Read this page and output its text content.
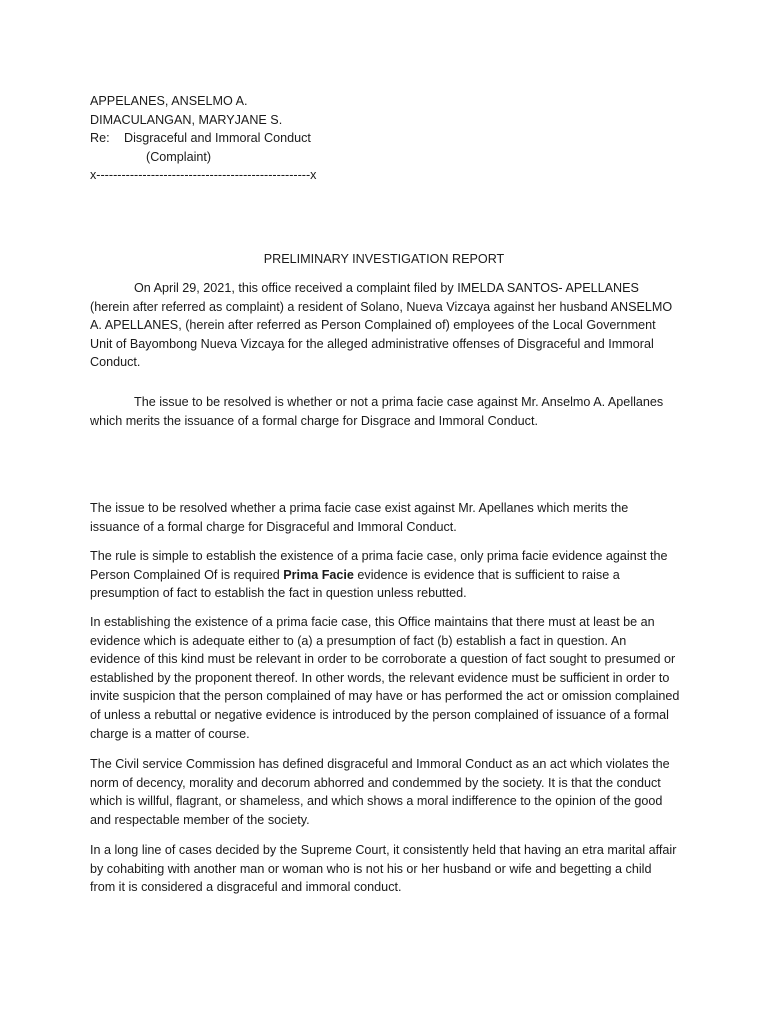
APPELANES, ANSELMO A.
DIMACULANGAN, MARYJANE S.
Re: Disgraceful and Immoral Conduct
(Complaint)
x---------------------------------------------------x
PRELIMINARY INVESTIGATION REPORT

On April 29, 2021, this office received a complaint filed by IMELDA SANTOS- APELLANES (herein after referred as complaint) a resident of Solano, Nueva Vizcaya against her husband ANSELMO A. APELLANES, (herein after referred as Person Complained of) employees of the Local Government Unit of Bayombong Nueva Vizcaya for the alleged administrative offenses of Disgraceful and Immoral Conduct.

The issue to be resolved is whether or not a prima facie case against Mr. Anselmo A. Apellanes which merits the issuance of a formal charge for Disgrace and Immoral Conduct.

The issue to be resolved whether a prima facie case exist against Mr. Apellanes which merits the issuance of a formal charge for Disgraceful and Immoral Conduct.

The rule is simple to establish the existence of a prima facie case, only prima facie evidence against the Person Complained Of is required Prima Facie evidence is evidence that is sufficient to raise a presumption of fact to establish the fact in question unless rebutted.

In establishing the existence of a prima facie case, this Office maintains that there must at least be an evidence which is adequate either to (a) a presumption of fact (b) establish a fact in question. An evidence of this kind must be relevant in order to be corroborate a question of fact sought to presumed or established by the proponent thereof. In other words, the relevant evidence must be sufficient in order to invite suspicion that the person complained of may have or has performed the act or omission complained of unless a rebuttal or negative evidence is introduced by the person complained of issuance of a formal charge is a matter of course.

The Civil service Commission has defined disgraceful and Immoral Conduct as an act which violates the norm of decency, morality and decorum abhorred and condemmed by the society. It is that the conduct which is willful, flagrant, or shameless, and which shows a moral indifference to the opinion of the good and respectable member of the society.

In a long line of cases decided by the Supreme Court, it consistently held that having an etra marital affair by cohabiting with another man or woman who is not his or her husband or wife and begetting a child from it is considered a disgraceful and immoral conduct.
